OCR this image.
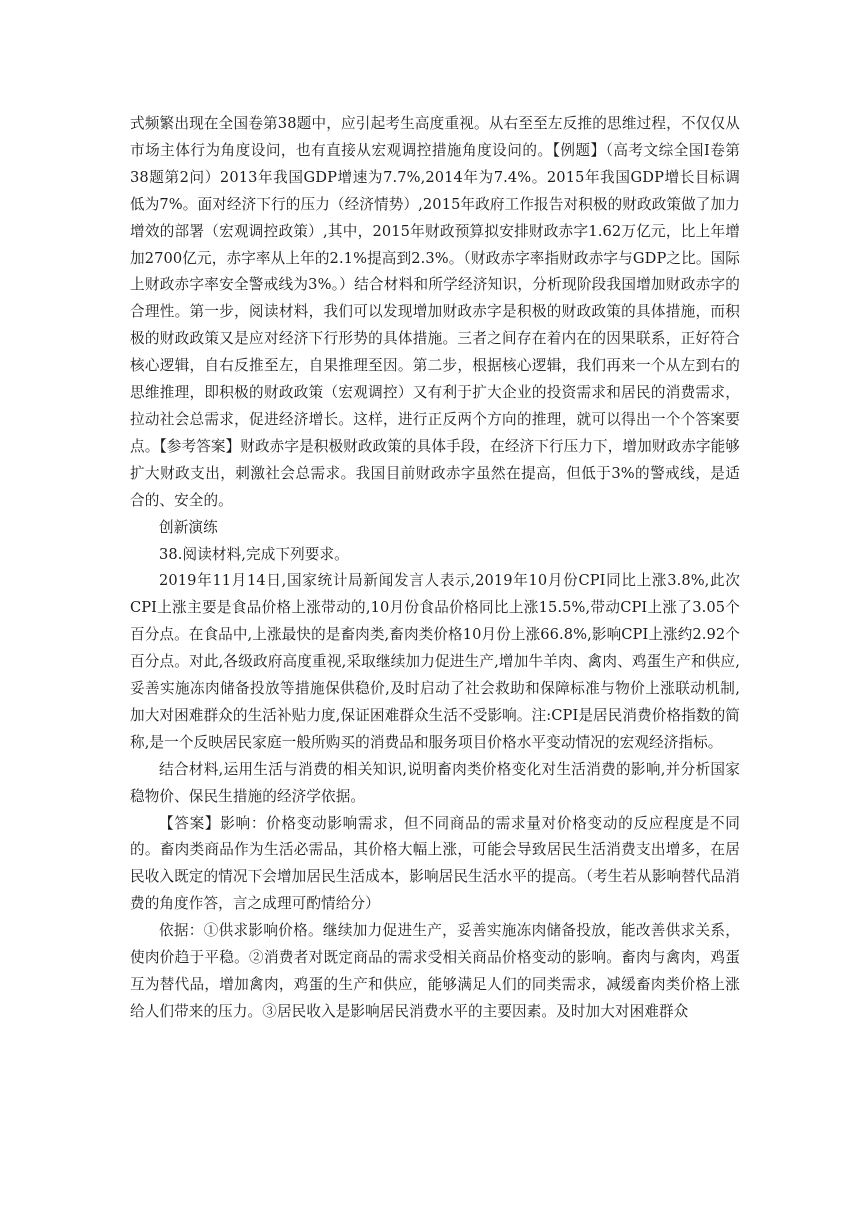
式频繁出现在全国卷第38题中，应引起考生高度重视。从右至至左反推的思维过程，不仅仅从市场主体行为角度设问，也有直接从宏观调控措施角度设问的。【例题】（高考文综全国Ⅰ卷第38题第2问）2013年我国GDP增速为7.7%,2014年为7.4%。2015年我国GDP增长目标调低为7%。面对经济下行的压力（经济情势）,2015年政府工作报告对积极的财政政策做了加力增效的部署（宏观调控政策）,其中，2015年财政预算拟安排财政赤字1.62万亿元，比上年增加2700亿元，赤字率从上年的2.1%提高到2.3%。（财政赤字率指财政赤字与GDP之比。国际上财政赤字率安全警戒线为3%。）结合材料和所学经济知识，分析现阶段我国增加财政赤字的合理性。第一步，阅读材料，我们可以发现增加财政赤字是积极的财政政策的具体措施，而积极的财政政策又是应对经济下行形势的具体措施。三者之间存在着内在的因果联系，正好符合核心逻辑，自右反推至左，自果推理至因。第二步，根据核心逻辑，我们再来一个从左到右的思维推理，即积极的财政政策（宏观调控）又有利于扩大企业的投资需求和居民的消费需求，拉动社会总需求，促进经济增长。这样，进行正反两个方向的推理，就可以得出一个个答案要点。【参考答案】财政赤字是积极财政政策的具体手段，在经济下行压力下，增加财政赤字能够扩大财政支出，刺激社会总需求。我国目前财政赤字虽然在提高，但低于3%的警戒线，是适合的、安全的。

创新演练

38.阅读材料,完成下列要求。

2019年11月14日,国家统计局新闻发言人表示,2019年10月份CPI同比上涨3.8%,此次CPI上涨主要是食品价格上涨带动的,10月份食品价格同比上涨15.5%,带动CPI上涨了3.05个百分点。在食品中,上涨最快的是畜肉类,畜肉类价格10月份上涨66.8%,影响CPI上涨约2.92个百分点。对此,各级政府高度重视,采取继续加力促进生产,增加牛羊肉、禽肉、鸡蛋生产和供应,妥善实施冻肉储备投放等措施保供稳价,及时启动了社会救助和保障标准与物价上涨联动机制,加大对困难群众的生活补贴力度,保证困难群众生活不受影响。注:CPI是居民消费价格指数的简称,是一个反映居民家庭一般所购买的消费品和服务项目价格水平变动情况的宏观经济指标。

结合材料,运用生活与消费的相关知识,说明畜肉类价格变化对生活消费的影响,并分析国家稳物价、保民生措施的经济学依据。

【答案】影响：价格变动影响需求，但不同商品的需求量对价格变动的反应程度是不同的。畜肉类商品作为生活必需品，其价格大幅上涨，可能会导致居民生活消费支出增多，在居民收入既定的情况下会增加居民生活成本，影响居民生活水平的提高。（考生若从影响替代品消费的角度作答，言之成理可酌情给分）

依据：①供求影响价格。继续加力促进生产，妥善实施冻肉储备投放，能改善供求关系，使肉价趋于平稳。②消费者对既定商品的需求受相关商品价格变动的影响。畜肉与禽肉，鸡蛋互为替代品，增加禽肉，鸡蛋的生产和供应，能够满足人们的同类需求，减缓畜肉类价格上涨给人们带来的压力。③居民收入是影响居民消费水平的主要因素。及时加大对困难群众
